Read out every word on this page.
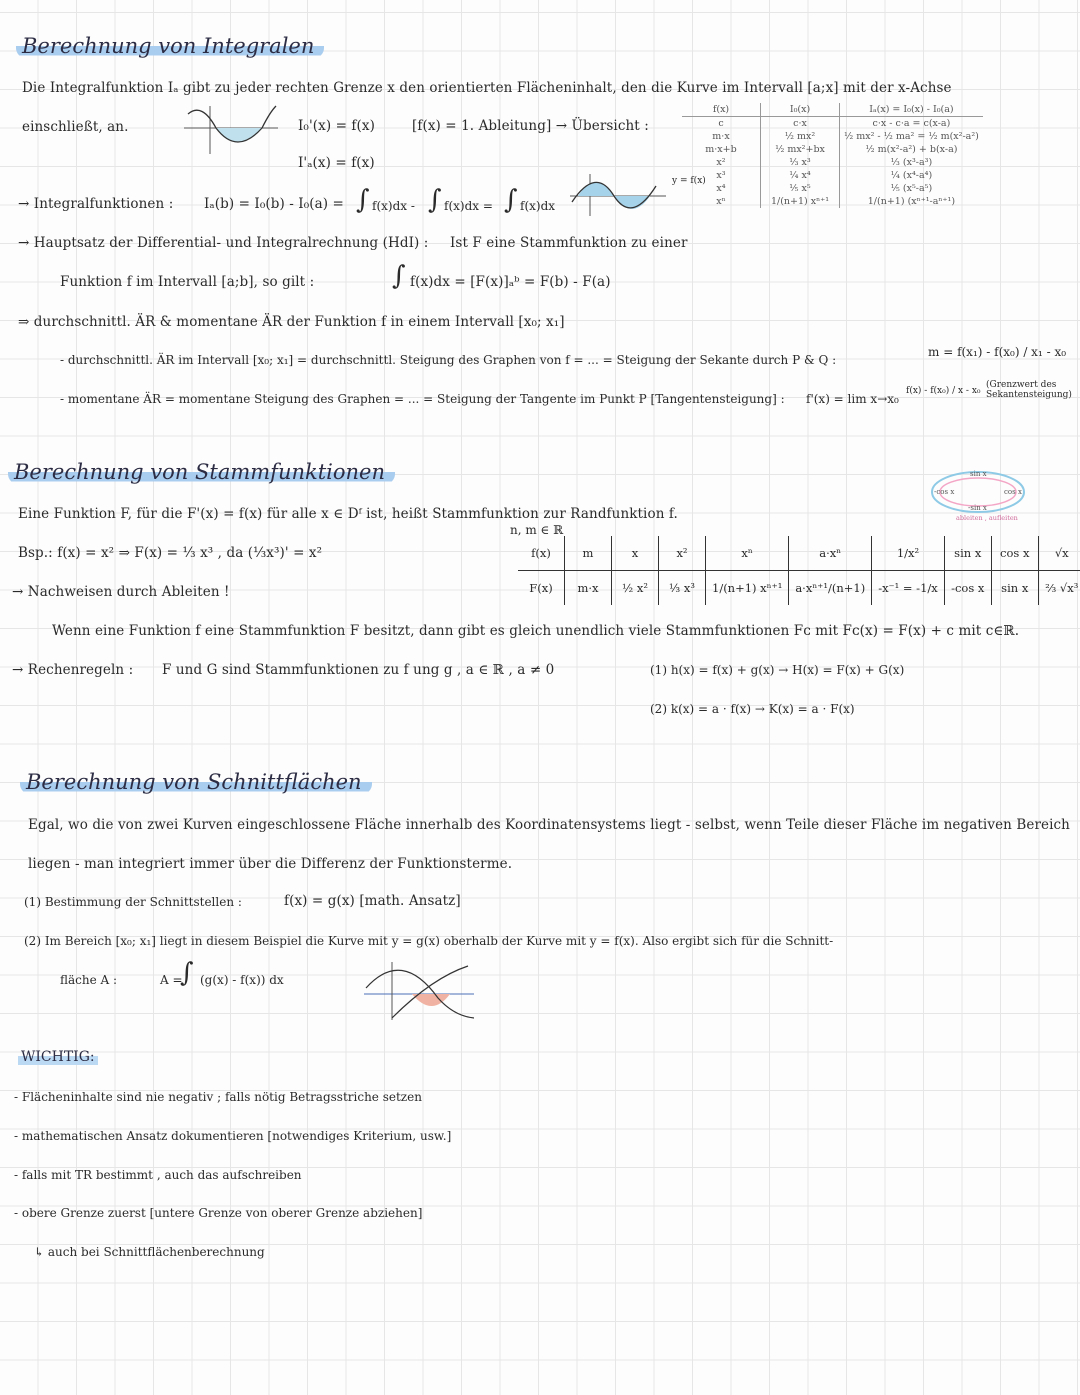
Berechnung von Integralen
Die Integralfunktion Iₐ gibt zu jeder rechten Grenze x den orientierten Flächeninhalt, den die Kurve im Intervall [a;x] mit der x-Achse
einschließt, an.	I₀'(x) = f(x)
I'ₐ(x) = f(x)
[f(x) = 1. Ableitung] → Übersicht :
f(x)	I₀(x)	Iₐ(x) = I₀(x) - I₀(a)
c	c·x	c·x - c·a = c(x-a)
m·x	½ mx²	½ mx² - ½ ma² = ½ m(x²-a²)
m·x+b	½ mx²+bx	½ m(x²-a²) + b(x-a)
x²	⅓ x³	⅓ (x³-a³)
x³	¼ x⁴	¼ (x⁴-a⁴)
x⁴	⅕ x⁵	⅕ (x⁵-a⁵)
xⁿ	1/(n+1) xⁿ⁺¹	1/(n+1) (xⁿ⁺¹-aⁿ⁺¹)
→ Integralfunktionen : Iₐ(b) = I₀(b) - I₀(a) = ∫ f(x)dx - ∫ f(x)dx = ∫ f(x)dx
y = f(x)
→ Hauptsatz der Differential- und Integralrechnung (HdI) : Ist F eine Stammfunktion zu einer
Funktion f im Intervall [a;b], so gilt :	∫ f(x)dx = [F(x)]ₐᵇ = F(b) - F(a)
⇒ durchschnittl. ÄR & momentane ÄR der Funktion f in einem Intervall [x₀; x₁]
- durchschnittl. ÄR im Intervall [x₀; x₁] = durchschnittl. Steigung des Graphen von f = ... = Steigung der Sekante durch P & Q :
m = f(x₁) - f(x₀) / x₁ - x₀
- momentane ÄR = momentane Steigung des Graphen = ... = Steigung der Tangente im Punkt P [Tangentensteigung] : f'(x) = lim x→x₀
f(x) - f(x₀) / x - x₀
(Grenzwert des Sekantensteigung)
Berechnung von Stammfunktionen	sin x
-cos x	cos x
-sin x
ableiten , aufleiten
Eine Funktion F, für die F'(x) = f(x) für alle x ∈ Dᶠ ist, heißt Stammfunktion zur Randfunktion f.
n, m ∈ ℝ
Bsp.: f(x) = x² ⇒ F(x) = ⅓ x³ , da (⅓x³)' = x²
→ Nachweisen durch Ableiten !
f(x)	m	x	x²	xⁿ	a·xⁿ	1/x²	sin x	cos x	√x
F(x)	m·x	½ x²	⅓ x³	1/(n+1) xⁿ⁺¹	a·xⁿ⁺¹/(n+1)	-x⁻¹ = -1/x	-cos x	sin x	⅔ √x³
Wenn eine Funktion f eine Stammfunktion F besitzt, dann gibt es gleich unendlich viele Stammfunktionen Fᴄ mit Fᴄ(x) = F(x) + c mit c∈ℝ.
→ Rechenregeln : F und G sind Stammfunktionen zu f ung g , a ∈ ℝ , a ≠ 0	(1) h(x) = f(x) + g(x) → H(x) = F(x) + G(x)
(2) k(x) = a · f(x) → K(x) = a · F(x)
Berechnung von Schnittflächen
Egal, wo die von zwei Kurven eingeschlossene Fläche innerhalb des Koordinatensystems liegt - selbst, wenn Teile dieser Fläche im negativen Bereich
liegen - man integriert immer über die Differenz der Funktionsterme.
(1) Bestimmung der Schnittstellen :	f(x) = g(x) [math. Ansatz]
(2) Im Bereich [x₀; x₁] liegt in diesem Beispiel die Kurve mit y = g(x) oberhalb der Kurve mit y = f(x). Also ergibt sich für die Schnitt-
fläche A :	A =
∫ (g(x) - f(x)) dx
WICHTIG:
- Flächeninhalte sind nie negativ ; falls nötig Betragsstriche setzen
- mathematischen Ansatz dokumentieren [notwendiges Kriterium, usw.]
- falls mit TR bestimmt , auch das aufschreiben
- obere Grenze zuerst [untere Grenze von oberer Grenze abziehen]
↳ auch bei Schnittflächenberechnung
